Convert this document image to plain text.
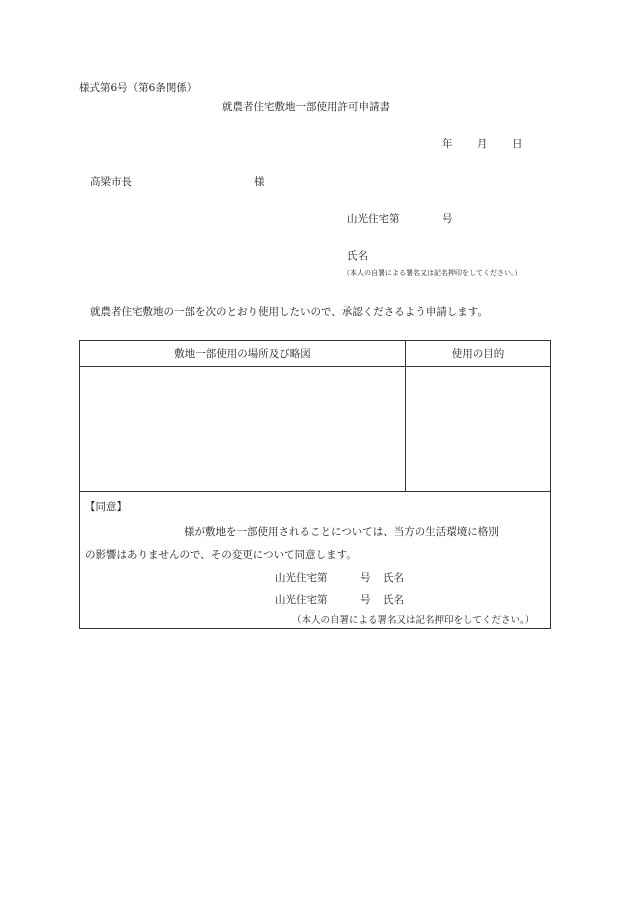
様式第6号（第6条関係）
就農者住宅敷地一部使用許可申請書
年 月 日
高梁市長	様
山光住宅第	号
氏名
（本人の自署による署名又は記名押印をしてください。）
就農者住宅敷地の一部を次のとおり使用したいので、承認くださるよう申請します。
敷地一部使用の場所及び略図	使用の目的
【同意】
様が敷地を一部使用されることについては、当方の生活環境に格別
の影響はありませんので、その変更について同意します。
山光住宅第	号 氏名
山光住宅第	号 氏名
（本人の自署による署名又は記名押印をしてください。）
